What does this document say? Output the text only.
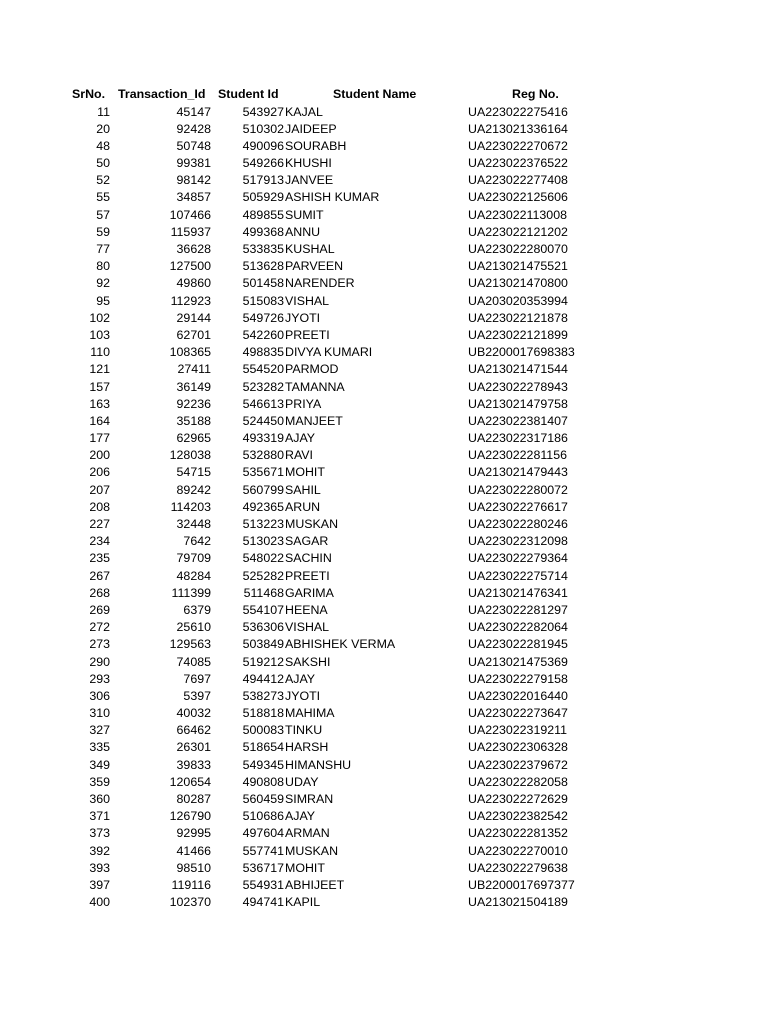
SrNo. Transaction_Id Student Id	Student Name	Reg No.
11	45147	543927 KAJAL	UA223022275416
20	92428	510302 JAIDEEP	UA213021336164
48	50748	490096 SOURABH	UA223022270672
50	99381	549266 KHUSHI	UA223022376522
52	98142	517913 JANVEE	UA223022277408
55	34857	505929 ASHISH KUMAR	UA223022125606
57	107466	489855 SUMIT	UA223022113008
59	115937	499368 ANNU	UA223022121202
77	36628	533835 KUSHAL	UA223022280070
80	127500	513628 PARVEEN	UA213021475521
92	49860	501458 NARENDER	UA213021470800
95	112923	515083 VISHAL	UA203020353994
102	29144	549726 JYOTI	UA223022121878
103	62701	542260 PREETI	UA223022121899
110	108365	498835 DIVYA KUMARI	UB2200017698383
121	27411	554520 PARMOD	UA213021471544
157	36149	523282 TAMANNA	UA223022278943
163	92236	546613 PRIYA	UA213021479758
164	35188	524450 MANJEET	UA223022381407
177	62965	493319 AJAY	UA223022317186
200	128038	532880 RAVI	UA223022281156
206	54715	535671 MOHIT	UA213021479443
207	89242	560799 SAHIL	UA223022280072
208	114203	492365 ARUN	UA223022276617
227	32448	513223 MUSKAN	UA223022280246
234	7642	513023 SAGAR	UA223022312098
235	79709	548022 SACHIN	UA223022279364
267	48284	525282 PREETI	UA223022275714
268	111399	511468 GARIMA	UA213021476341
269	6379	554107 HEENA	UA223022281297
272	25610	536306 VISHAL	UA223022282064
273	129563	503849 ABHISHEK VERMA	UA223022281945
290	74085	519212 SAKSHI	UA213021475369
293	7697	494412 AJAY	UA223022279158
306	5397	538273 JYOTI	UA223022016440
310	40032	518818 MAHIMA	UA223022273647
327	66462	500083 TINKU	UA223022319211
335	26301	518654 HARSH	UA223022306328
349	39833	549345 HIMANSHU	UA223022379672
359	120654	490808 UDAY	UA223022282058
360	80287	560459 SIMRAN	UA223022272629
371	126790	510686 AJAY	UA223022382542
373	92995	497604 ARMAN	UA223022281352
392	41466	557741 MUSKAN	UA223022270010
393	98510	536717 MOHIT	UA223022279638
397	119116	554931 ABHIJEET	UB2200017697377
400	102370	494741 KAPIL	UA213021504189
